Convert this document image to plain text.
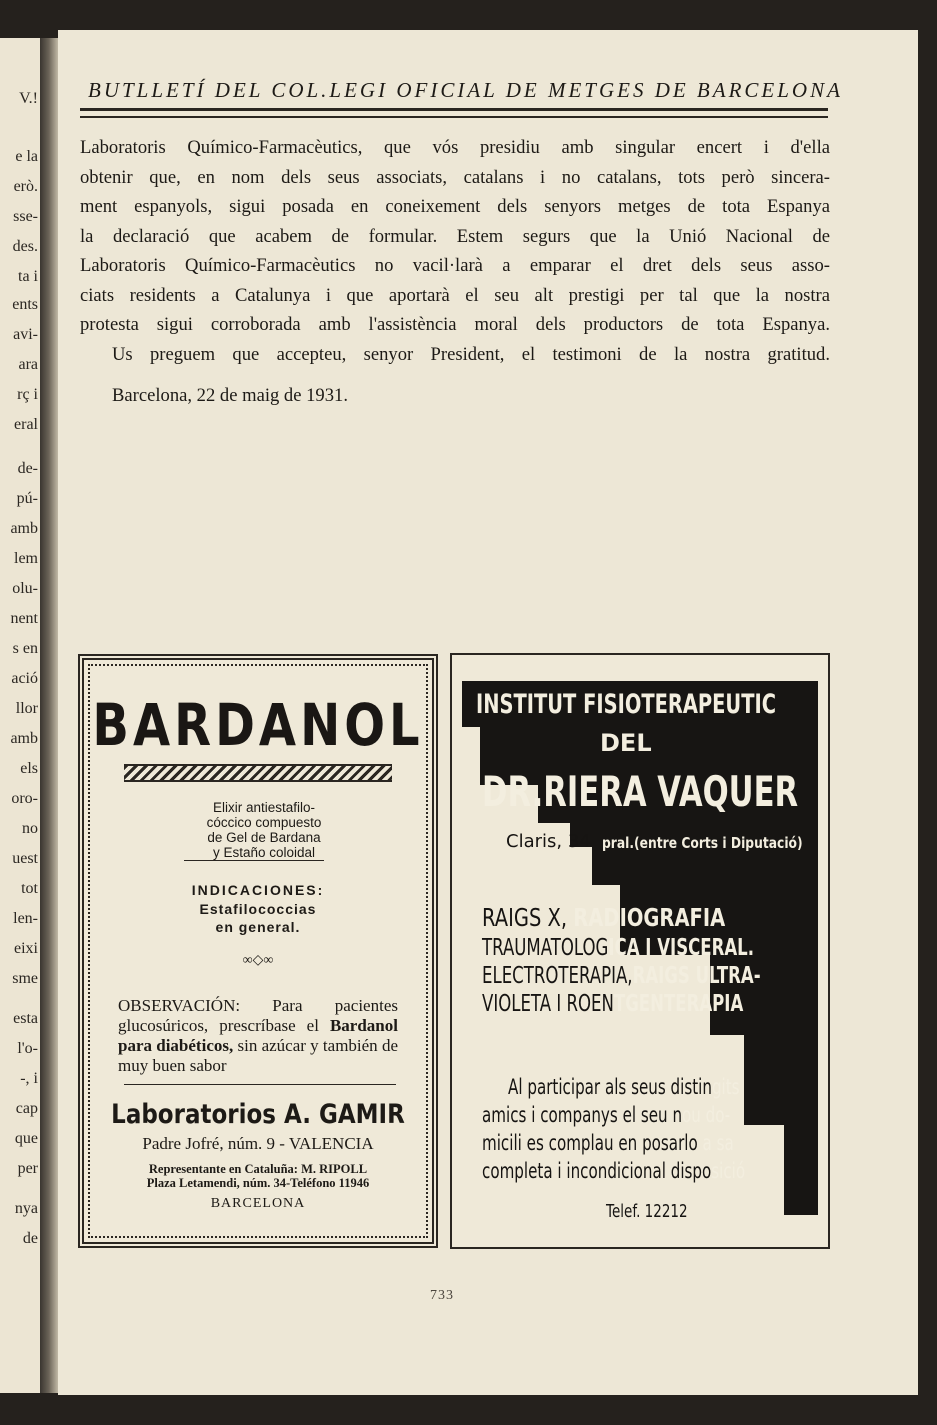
V.!
e la
erò.
sse-
des.
ta i
ents
avi-
ara
rç i
eral
de-
pú-
amb
lem
olu-
nent
s en
ació
llor
amb
els
oro-
no
uest
tot
len-
eixi
sme
esta
l'o-
-, i
cap
que
per
nya
de
BUTLLETÍ DEL COL.LEGI OFICIAL DE METGES DE BARCELONA

Laboratoris Químico-Farmacèutics, que vós presidiu amb singular encert i d'ella

obtenir que, en nom dels seus associats, catalans i no catalans, tots però sincera-

ment espanyols, sigui posada en coneixement dels senyors metges de tota Espanya

la declaració que acabem de formular. Estem segurs que la Unió Nacional de

Laboratoris Químico-Farmacèutics no vacil·larà a emparar el dret dels seus asso-

ciats residents a Catalunya i que aportarà el seu alt prestigi per tal que la nostra

protesta sigui corroborada amb l'assistència moral dels productors de tota Espanya.

Us preguem que accepteu, senyor President, el testimoni de la nostra gratitud.

Barcelona, 22 de maig de 1931.

BARDANOL
Elixir antiestafilo-
cóccico compuesto
de Gel de Bardana
y Estaño coloidal
INDICACIONES:
Estafilococcias
en general.
∞◇∞
OBSERVACIÓN: Para pacientes glucosúricos, prescríbase el Bardanol para diabéticos, sin azúcar y también de muy buen sabor
Laboratorios A. GAMIR
Padre Jofré, núm. 9 - VALENCIA
Representante en Cataluña: M. RIPOLL
Plaza Letamendi, núm. 34-Teléfono 11946
BARCELONA
INSTITUT FISIOTERAPEUTIC
DEL
DR.RIERA VAQUER
Claris, 34 pral.(entre Corts i Diputació)
RAIGS X, RADIOGRAFIA
TRAUMATOLOGICA I VISCERAL.
ELECTROTERAPIA,RAIGS ULTRA-
VIOLETA I ROENTGENTERAPIA
Al participar als seus distingits
amics i companys el seu nou do-
micili es complau en posarlo a sa
completa i incondicional disposició
Telef. 12212
733
